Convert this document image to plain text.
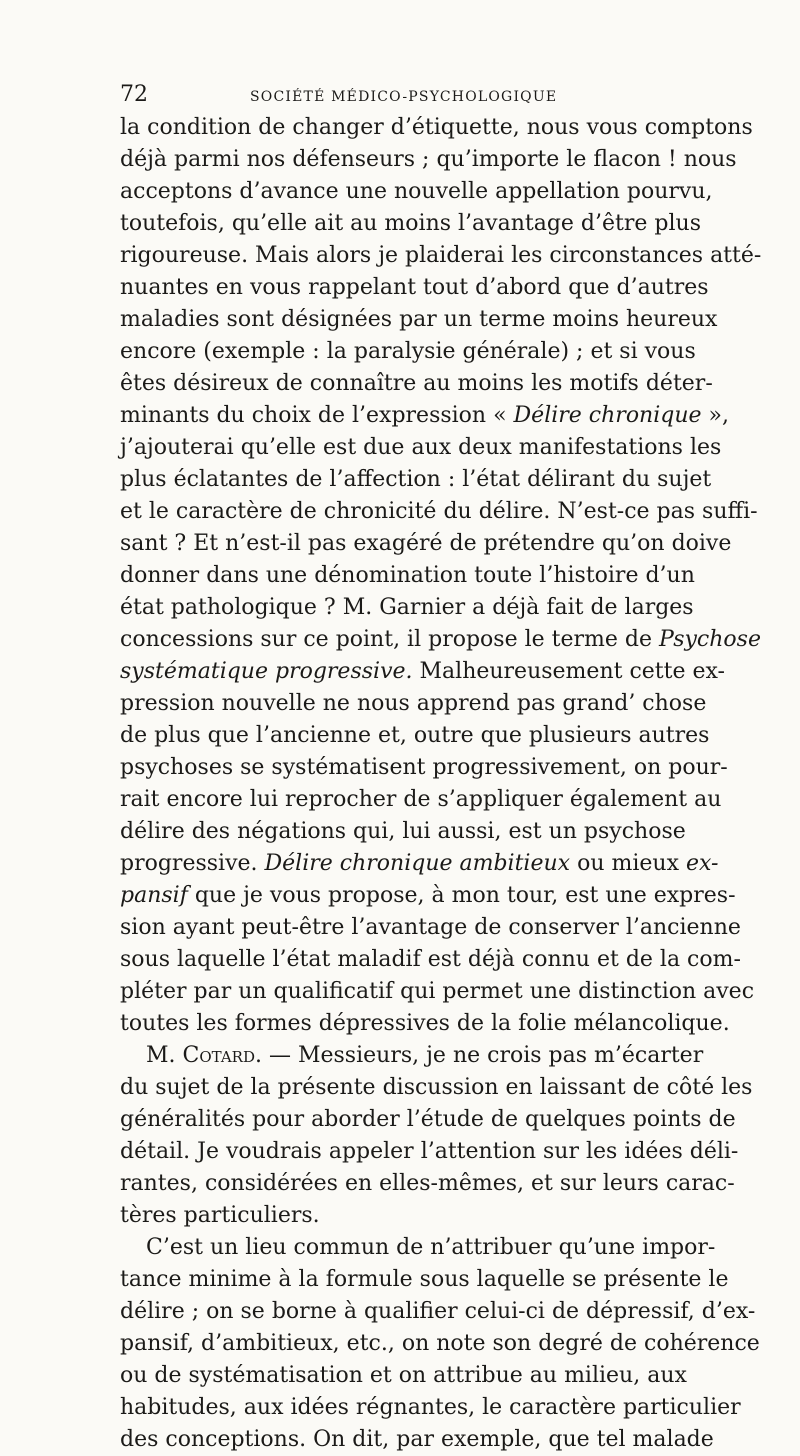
72	SOCIÉTÉ MÉDICO-PSYCHOLOGIQUE
la condition de changer d’étiquette, nous vous comptons
déjà parmi nos défenseurs ; qu’importe le flacon ! nous
acceptons d’avance une nouvelle appellation pourvu,
toutefois, qu’elle ait au moins l’avantage d’être plus
rigoureuse. Mais alors je plaiderai les circonstances atté-
nuantes en vous rappelant tout d’abord que d’autres
maladies sont désignées par un terme moins heureux
encore (exemple : la paralysie générale) ; et si vous
êtes désireux de connaître au moins les motifs déter-
minants du choix de l’expression « Délire chronique »,
j’ajouterai qu’elle est due aux deux manifestations les
plus éclatantes de l’affection : l’état délirant du sujet
et le caractère de chronicité du délire. N’est-ce pas suffi-
sant ? Et n’est-il pas exagéré de prétendre qu’on doive
donner dans une dénomination toute l’histoire d’un
état pathologique ? M. Garnier a déjà fait de larges
concessions sur ce point, il propose le terme de Psychose
systématique progressive. Malheureusement cette ex-
pression nouvelle ne nous apprend pas grand’ chose
de plus que l’ancienne et, outre que plusieurs autres
psychoses se systématisent progressivement, on pour-
rait encore lui reprocher de s’appliquer également au
délire des négations qui, lui aussi, est un psychose
progressive. Délire chronique ambitieux ou mieux ex-
pansif que je vous propose, à mon tour, est une expres-
sion ayant peut-être l’avantage de conserver l’ancienne
sous laquelle l’état maladif est déjà connu et de la com-
pléter par un qualificatif qui permet une distinction avec
toutes les formes dépressives de la folie mélancolique.
M. Cotard. — Messieurs, je ne crois pas m’écarter
du sujet de la présente discussion en laissant de côté les
généralités pour aborder l’étude de quelques points de
détail. Je voudrais appeler l’attention sur les idées déli-
rantes, considérées en elles-mêmes, et sur leurs carac-
tères particuliers.
C’est un lieu commun de n’attribuer qu’une impor-
tance minime à la formule sous laquelle se présente le
délire ; on se borne à qualifier celui-ci de dépressif, d’ex-
pansif, d’ambitieux, etc., on note son degré de cohérence
ou de systématisation et on attribue au milieu, aux
habitudes, aux idées régnantes, le caractère particulier
des conceptions. On dit, par exemple, que tel malade
